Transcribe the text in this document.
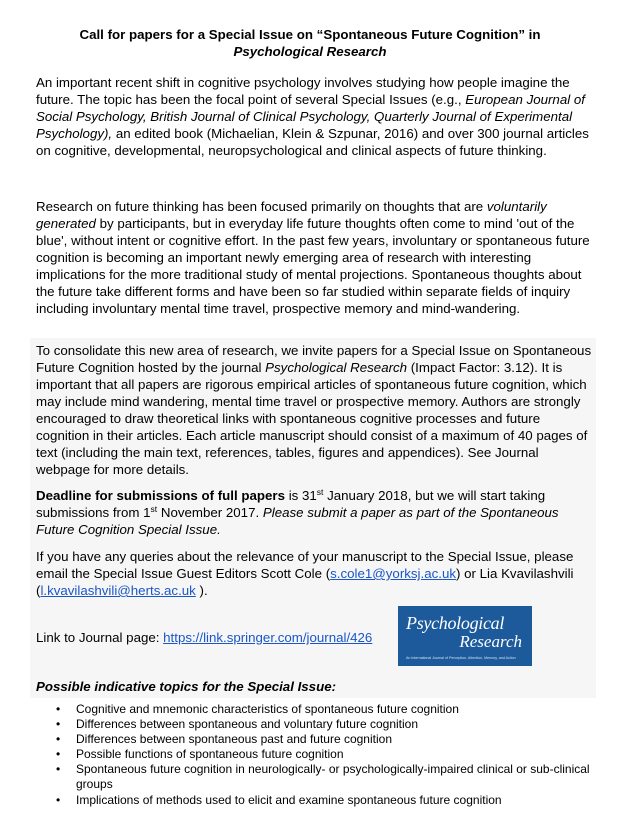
Call for papers for a Special Issue on “Spontaneous Future Cognition” in
Psychological Research

An important recent shift in cognitive psychology involves studying how people imagine the future. The topic has been the focal point of several Special Issues (e.g., European Journal of Social Psychology, British Journal of Clinical Psychology, Quarterly Journal of Experimental Psychology), an edited book (Michaelian, Klein & Szpunar, 2016) and over 300 journal articles on cognitive, developmental, neuropsychological and clinical aspects of future thinking.

Research on future thinking has been focused primarily on thoughts that are voluntarily generated by participants, but in everyday life future thoughts often come to mind 'out of the blue', without intent or cognitive effort. In the past few years, involuntary or spontaneous future cognition is becoming an important newly emerging area of research with interesting implications for the more traditional study of mental projections. Spontaneous thoughts about the future take different forms and have been so far studied within separate fields of inquiry including involuntary mental time travel, prospective memory and mind-wandering.

To consolidate this new area of research, we invite papers for a Special Issue on Spontaneous Future Cognition hosted by the journal Psychological Research (Impact Factor: 3.12). It is important that all papers are rigorous empirical articles of spontaneous future cognition, which may include mind wandering, mental time travel or prospective memory. Authors are strongly encouraged to draw theoretical links with spontaneous cognitive processes and future cognition in their articles. Each article manuscript should consist of a maximum of 40 pages of text (including the main text, references, tables, figures and appendices). See Journal webpage for more details.

Deadline for submissions of full papers is 31st January 2018, but we will start taking submissions from 1st November 2017. Please submit a paper as part of the Spontaneous Future Cognition Special Issue.

If you have any queries about the relevance of your manuscript to the Special Issue, please email the Special Issue Guest Editors Scott Cole (s.cole1@yorksj.ac.uk) or Lia Kvavilashvili (l.kvavilashvili@herts.ac.uk ).

Link to Journal page: https://link.springer.com/journal/426

Psychological
Research
An International Journal of Perception, Attention, Memory, and Action
Possible indicative topics for the Special Issue:
• Cognitive and mnemonic characteristics of spontaneous future cognition
• Differences between spontaneous and voluntary future cognition
• Differences between spontaneous past and future cognition
• Possible functions of spontaneous future cognition
• Spontaneous future cognition in neurologically- or psychologically-impaired clinical or sub-clinical groups
• Implications of methods used to elicit and examine spontaneous future cognition
